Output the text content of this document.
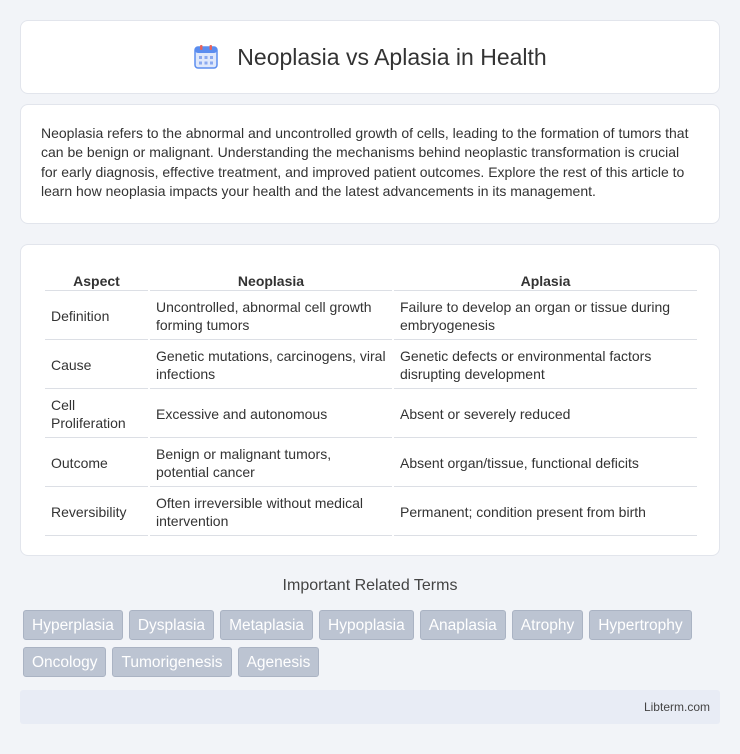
Neoplasia vs Aplasia in Health

Neoplasia refers to the abnormal and uncontrolled growth of cells, leading to the formation of tumors that can be benign or malignant. Understanding the mechanisms behind neoplastic transformation is crucial for early diagnosis, effective treatment, and improved patient outcomes. Explore the rest of this article to learn how neoplasia impacts your health and the latest advancements in its management.

Aspect	Neoplasia	Aplasia
Definition	Uncontrolled, abnormal cell growth forming tumors	Failure to develop an organ or tissue during embryogenesis
Cause	Genetic mutations, carcinogens, viral infections	Genetic defects or environmental factors disrupting development
Cell Proliferation	Excessive and autonomous	Absent or severely reduced
Outcome	Benign or malignant tumors, potential cancer	Absent organ/tissue, functional deficits
Reversibility	Often irreversible without medical intervention	Permanent; condition present from birth
Important Related Terms
Hyperplasia	Dysplasia	Metaplasia	Hypoplasia	Anaplasia	Atrophy	Hypertrophy
Oncology	Tumorigenesis	Agenesis
Libterm.com
